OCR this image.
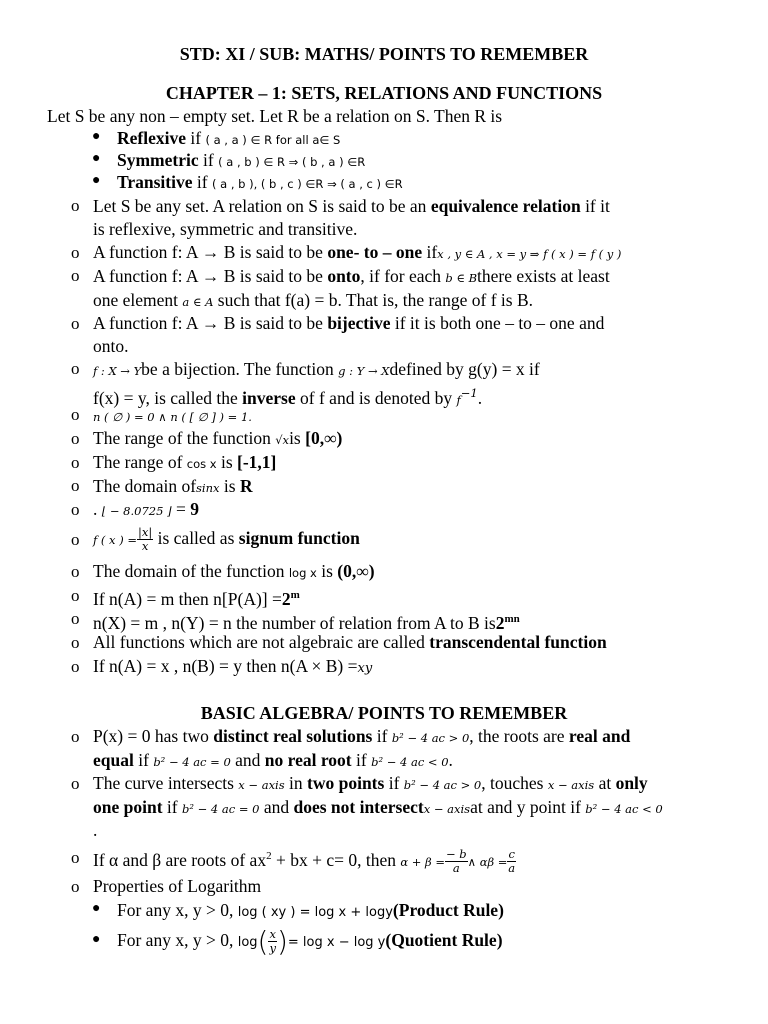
STD: XI / SUB: MATHS/ POINTS TO REMEMBER
CHAPTER – 1: SETS, RELATIONS AND FUNCTIONS
Let S be any non – empty set. Let R be a relation on S. Then R is
● Reflexive if ( a , a ) ∈ R for all a∈ S
● Symmetric if ( a , b ) ∈ R ⇒ ( b , a ) ∈R
● Transitive if ( a , b ), ( b , c ) ∈R ⇒ ( a , c ) ∈R
o Let S be any set. A relation on S is said to be an equivalence relation if it
is reflexive, symmetric and transitive.
o A function f: A → B is said to be one- to – one ifx , y ∈ A , x = y ⇒ f ( x ) = f ( y )
o A function f: A → B is said to be onto, if for each b ∈ Bthere exists at least
one element a ∈ A such that f(a) = b. That is, the range of f is B.
o A function f: A → B is said to be bijective if it is both one – to – one and
onto.
o f : X → Ybe a bijection. The function g : Y → Xdefined by g(y) = x if
f(x) = y, is called the inverse of f and is denoted by $f^{-1}$.
o n ( ∅ ) = 0 ∧ n ( [ ∅ ] ) = 1.
o The range of the function √xis [0,∞)
o The range of cos x is [-1,1]
o The domain ofsinx is R
o . ⌊ − 8.0725 ⌋ = 9
o f ( x ) = $\frac{|x|}{x}$ is called as signum function
o The domain of the function log x is (0,∞)
o If n(A) = m then $n[P(A)] =2^m$
o n(X) = m , n(Y) = n the number of relation from A to B $is2^{mn}$
o All functions which are not algebraic are called transcendental function
o If n(A) = x , n(B) = y then n(A × B) =xy
BASIC ALGEBRA/ POINTS TO REMEMBER
o P(x) = 0 has two distinct real solutions if b² − 4 ac > 0, the roots are real and
equal if b² − 4 ac = 0 and no real root if b² − 4 ac < 0.
o The curve intersects x − axis in two points if b² − 4 ac > 0, touches x − axis at only
one point if b² − 4 ac = 0 and does not intersectx − axisat and y point if b² − 4 ac < 0
.
o If α and β are roots of $ax^2$ + bx + c= 0, then $\alpha + \beta = \frac{- b}{a}$ ∧ $\alpha\beta = \frac{c}{a}$
o Properties of Logarithm
● For any x, y > 0, log ( xy ) = log x + logy(Product Rule)
● For any x, y > 0, $\log( \frac{x}{y}$ )= log x − log y(Quotient Rule)
